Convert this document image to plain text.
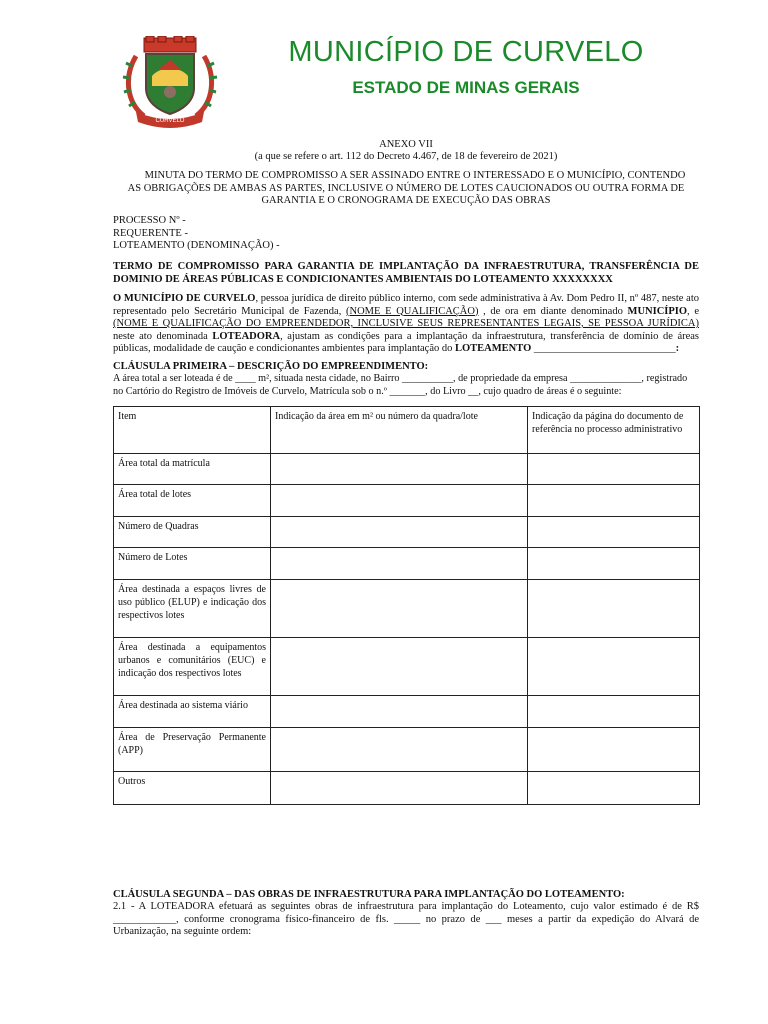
CURVELO
MUNICÍPIO DE CURVELO
ESTADO DE MINAS GERAIS
ANEXO VII
(a que se refere o art. 112 do Decreto 4.467, de 18 de fevereiro de 2021)
MINUTA DO TERMO DE COMPROMISSO A SER ASSINADO ENTRE O INTERESSADO E O MUNICÍPIO, CONTENDO
AS OBRIGAÇÕES DE AMBAS AS PARTES, INCLUSIVE O NÚMERO DE LOTES CAUCIONADOS OU OUTRA FORMA DE
GARANTIA E O CRONOGRAMA DE EXECUÇÃO DAS OBRAS
PROCESSO Nº -
REQUERENTE -
LOTEAMENTO (DENOMINAÇÃO) -
TERMO DE COMPROMISSO PARA GARANTIA DE IMPLANTAÇÃO DA INFRAESTRUTURA, TRANSFERÊNCIA DE DOMINIO DE ÁREAS PÚBLICAS E CONDICIONANTES AMBIENTAIS DO LOTEAMENTO XXXXXXXX
O MUNICÍPIO DE CURVELO, pessoa jurídica de direito público interno, com sede administrativa à Av. Dom Pedro II, nº 487, neste ato representado pelo Secretário Municipal de Fazenda, (NOME E QUALIFICAÇÃO) , de ora em diante denominado MUNICÍPIO, e (NOME E QUALIFICAÇÃO DO EMPREENDEDOR, INCLUSIVE SEUS REPRESENTANTES LEGAIS, SE PESSOA JURÍDICA) neste ato denominada LOTEADORA, ajustam as condições para a implantação da infraestrutura, transferência de domínio de áreas públicas, modalidade de caução e condicionantes ambientes para implantação do LOTEAMENTO ___________________________:
CLÁUSULA PRIMEIRA – DESCRIÇÃO DO EMPREENDIMENTO:
A área total a ser loteada é de ____ m², situada nesta cidade, no Bairro __________, de propriedade da empresa ______________, registrado
no Cartório do Registro de Imóveis de Curvelo, Matrícula sob o n.º _______, do Livro __, cujo quadro de áreas é o seguinte:
Item	Indicação da área em m² ou número da quadra/lote	Indicação da página do documento de referência no processo administrativo
Área total da matrícula		
Área total de lotes		
Número de Quadras		
Número de Lotes		
Área destinada a espaços livres de uso público (ELUP) e indicação dos respectivos lotes		
Área destinada a equipamentos urbanos e comunitários (EUC) e indicação dos respectivos lotes		
Área destinada ao sistema viário		
Área de Preservação Permanente (APP)		
Outros		
CLÁUSULA SEGUNDA – DAS OBRAS DE INFRAESTRUTURA PARA IMPLANTAÇÃO DO LOTEAMENTO:
2.1 - A LOTEADORA efetuará as seguintes obras de infraestrutura para implantação do Loteamento, cujo valor estimado é de R$ ____________, conforme cronograma físico-financeiro de fls. _____ no prazo de ___ meses a partir da expedição do Alvará de Urbanização, na seguinte ordem:
